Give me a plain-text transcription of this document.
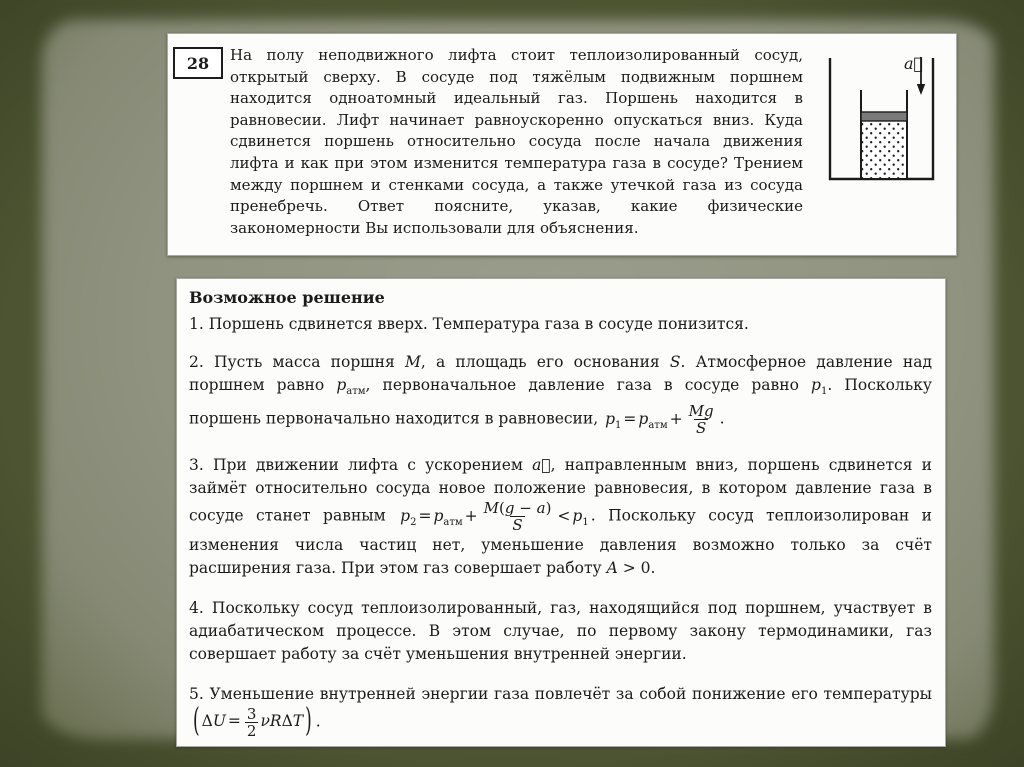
28 На полу неподвижного лифта стоит теплоизолированный сосуд, открытый сверху. В сосуде под тяжёлым подвижным поршнем находится одноатомный идеальный газ. Поршень находится в равновесии. Лифт начинает равноускоренно опускаться вниз. Куда сдвинется поршень относительно сосуда после начала движения лифта и как при этом изменится температура газа в сосуде? Трением между поршнем и стенками сосуда, а также утечкой газа из сосуда пренебречь. Ответ поясните, указав, какие физические закономерности Вы использовали для объяснения.
a⃗

Возможное решение

1. Поршень сдвинется вверх. Температура газа в сосуде понизится.

2. Пусть масса поршня M, а площадь его основания S. Атмосферное давление над поршнем равно $p_{атм}$, первоначальное давление газа в сосуде равно $p_1$. Поскольку поршень первоначально находится в равновесии, $p_1 = p_{атм} + \frac{Mg}{S}$ .

3. При движении лифта с ускорением a⃗, направленным вниз, поршень сдвинется и займёт относительно сосуда новое положение равновесия, в котором давление газа в сосуде станет равным $p_2 = p_{атм} + \frac{M(g - a)}{S} < p_1$ . Поскольку сосуд теплоизолирован и изменения числа частиц нет, уменьшение давления возможно только за счёт расширения газа. При этом газ совершает работу A > 0.

4. Поскольку сосуд теплоизолированный, газ, находящийся под поршнем, участвует в адиабатическом процессе. В этом случае, по первому закону термодинамики, газ совершает работу за счёт уменьшения внутренней энергии.

5. Уменьшение внутренней энергии газа повлечёт за собой понижение его температуры ( $\Delta U = \frac{3}{2}$ νRΔT ) .
